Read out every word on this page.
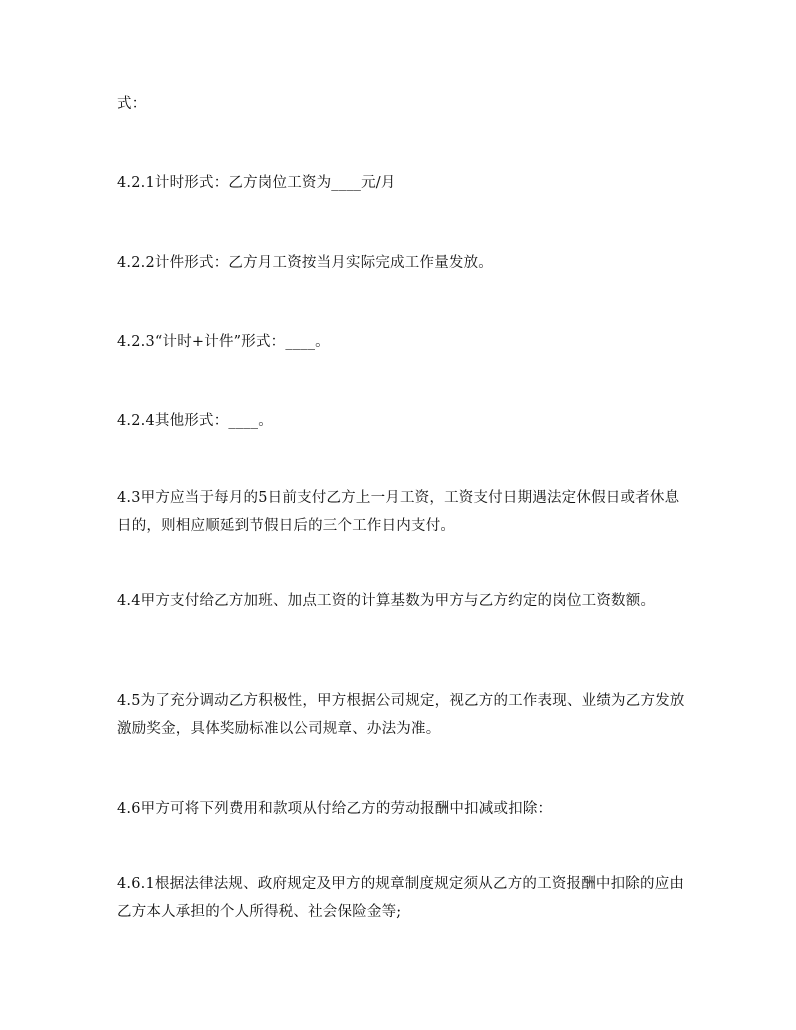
式：

4.2.1计时形式：乙方岗位工资为____元/月

4.2.2计件形式：乙方月工资按当月实际完成工作量发放。

4.2.3“计时+计件”形式：____。

4.2.4其他形式：____。

4.3甲方应当于每月的5日前支付乙方上一月工资，工资支付日期遇法定休假日或者休息日的，则相应顺延到节假日后的三个工作日内支付。

4.4甲方支付给乙方加班、加点工资的计算基数为甲方与乙方约定的岗位工资数额。

4.5为了充分调动乙方积极性，甲方根据公司规定，视乙方的工作表现、业绩为乙方发放激励奖金，具体奖励标准以公司规章、办法为准。

4.6甲方可将下列费用和款项从付给乙方的劳动报酬中扣减或扣除：

4.6.1根据法律法规、政府规定及甲方的规章制度规定须从乙方的工资报酬中扣除的应由乙方本人承担的个人所得税、社会保险金等;
